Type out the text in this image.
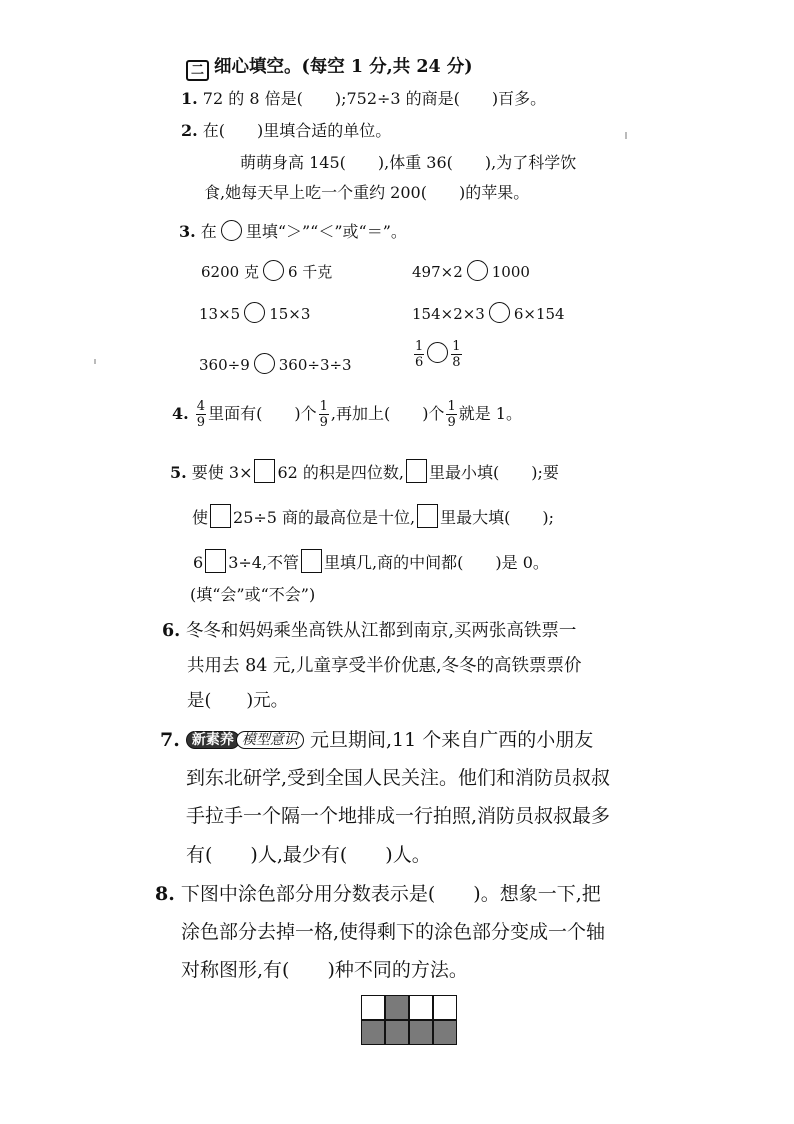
二 细心填空。(每空 1 分,共 24 分)
1. 72 的 8 倍是(　　);752÷3 的商是(　　)百多。
2. 在(　　)里填合适的单位。
萌萌身高 145(　　),体重 36(　　),为了科学饮
食,她每天早上吃一个重约 200(　　)的苹果。
3. 在 里填“＞”“＜”或“＝”。
6200 克 6 千克	497×2 1000
13×5 15×3	154×2×3 6×154
360÷9 360÷3÷3	$\frac{1}{6} \frac{1}{8}$
4. $\frac{4}{9}$ 里面有(　　)个 $\frac{1}{9}$ ,再加上(　　)个 $\frac{1}{9}$ 就是 1。
5. 要使 3× 62 的积是四位数, 里最小填(　　);要
使 25÷5 商的最高位是十位, 里最大填(　　);
6 3÷4,不管 里填几,商的中间都(　　)是 0。
(填“会”或“不会”)
6. 冬冬和妈妈乘坐高铁从江都到南京,买两张高铁票一
共用去 84 元,儿童享受半价优惠,冬冬的高铁票票价
是(　　)元。
7. 新素养 模型意识 元旦期间,11 个来自广西的小朋友
到东北研学,受到全国人民关注。他们和消防员叔叔
手拉手一个隔一个地排成一行拍照,消防员叔叔最多
有(　　)人,最少有(　　)人。
8. 下图中涂色部分用分数表示是(　　)。想象一下,把
涂色部分去掉一格,使得剩下的涂色部分变成一个轴
对称图形,有(　　)种不同的方法。
